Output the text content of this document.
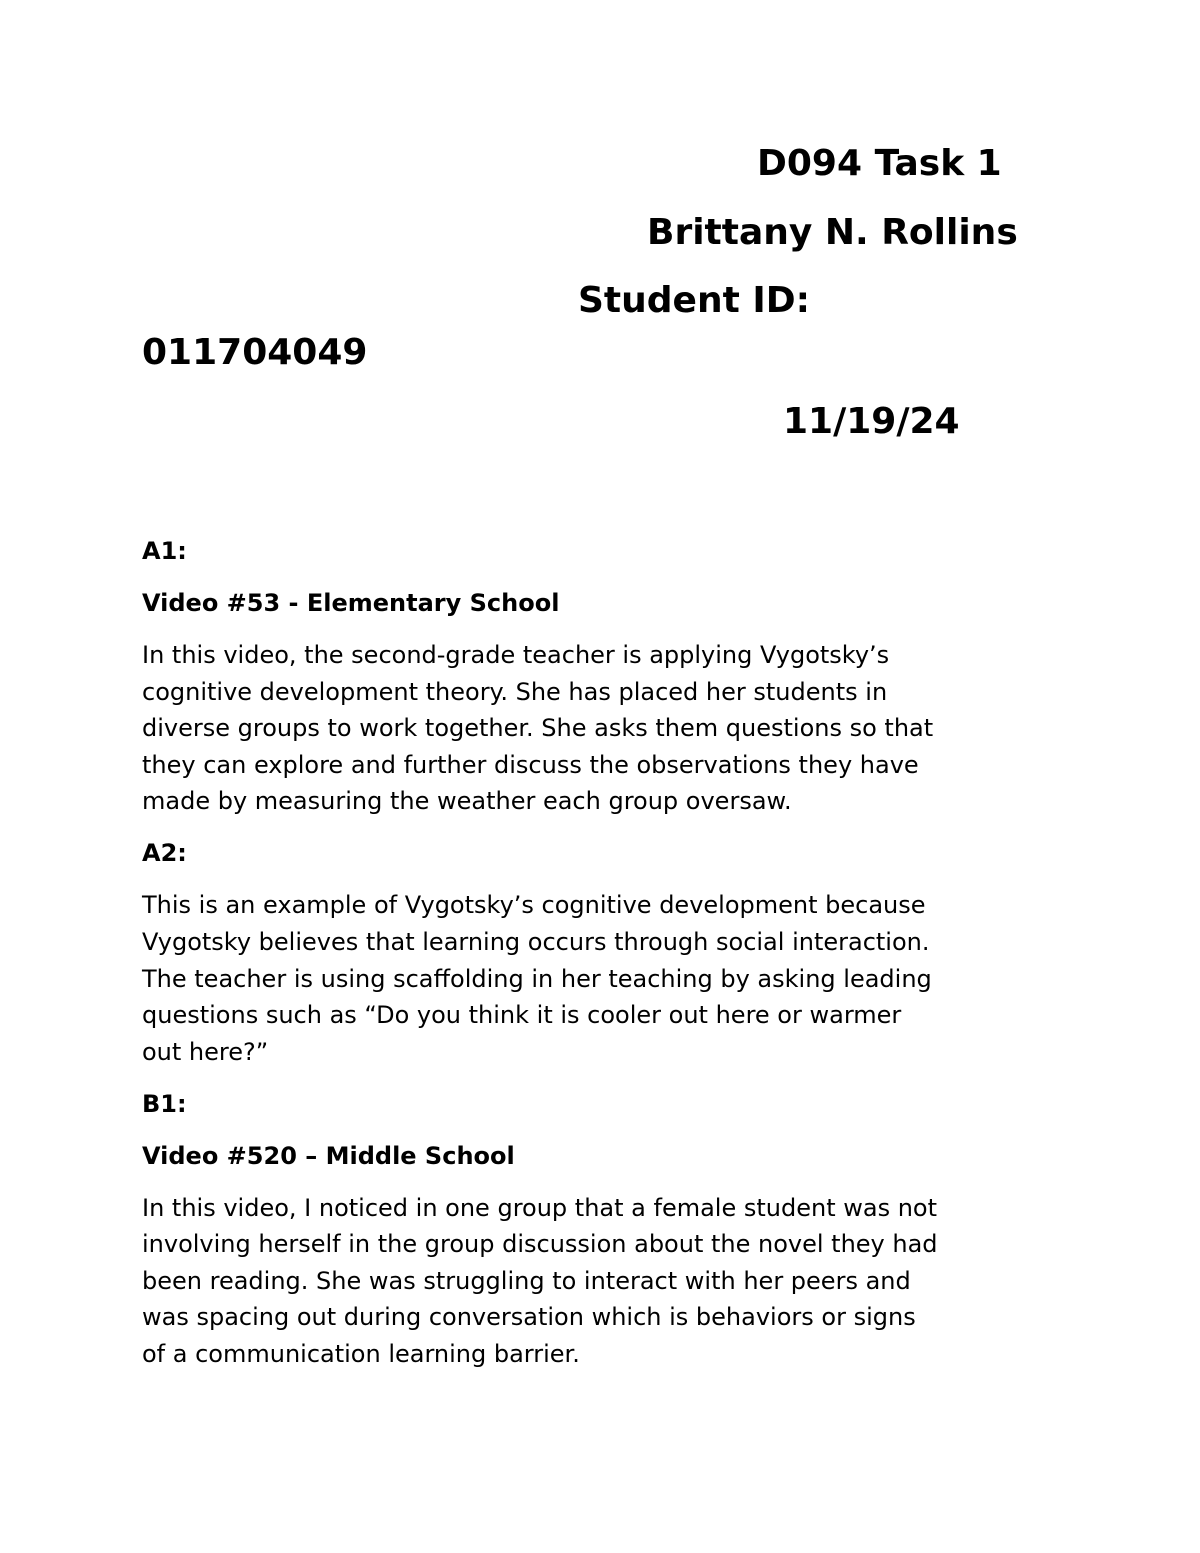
D094 Task 1

Brittany N. Rollins

Student ID:

011704049

11/19/24

A1:

Video #53 - Elementary School

In this video, the second-grade teacher is applying Vygotsky’s
cognitive development theory. She has placed her students in
diverse groups to work together. She asks them questions so that
they can explore and further discuss the observations they have
made by measuring the weather each group oversaw.

A2:

This is an example of Vygotsky’s cognitive development because
Vygotsky believes that learning occurs through social interaction.
The teacher is using scaffolding in her teaching by asking leading
questions such as “Do you think it is cooler out here or warmer
out here?”

B1:

Video #520 – Middle School

In this video, I noticed in one group that a female student was not
involving herself in the group discussion about the novel they had
been reading. She was struggling to interact with her peers and
was spacing out during conversation which is behaviors or signs
of a communication learning barrier.
